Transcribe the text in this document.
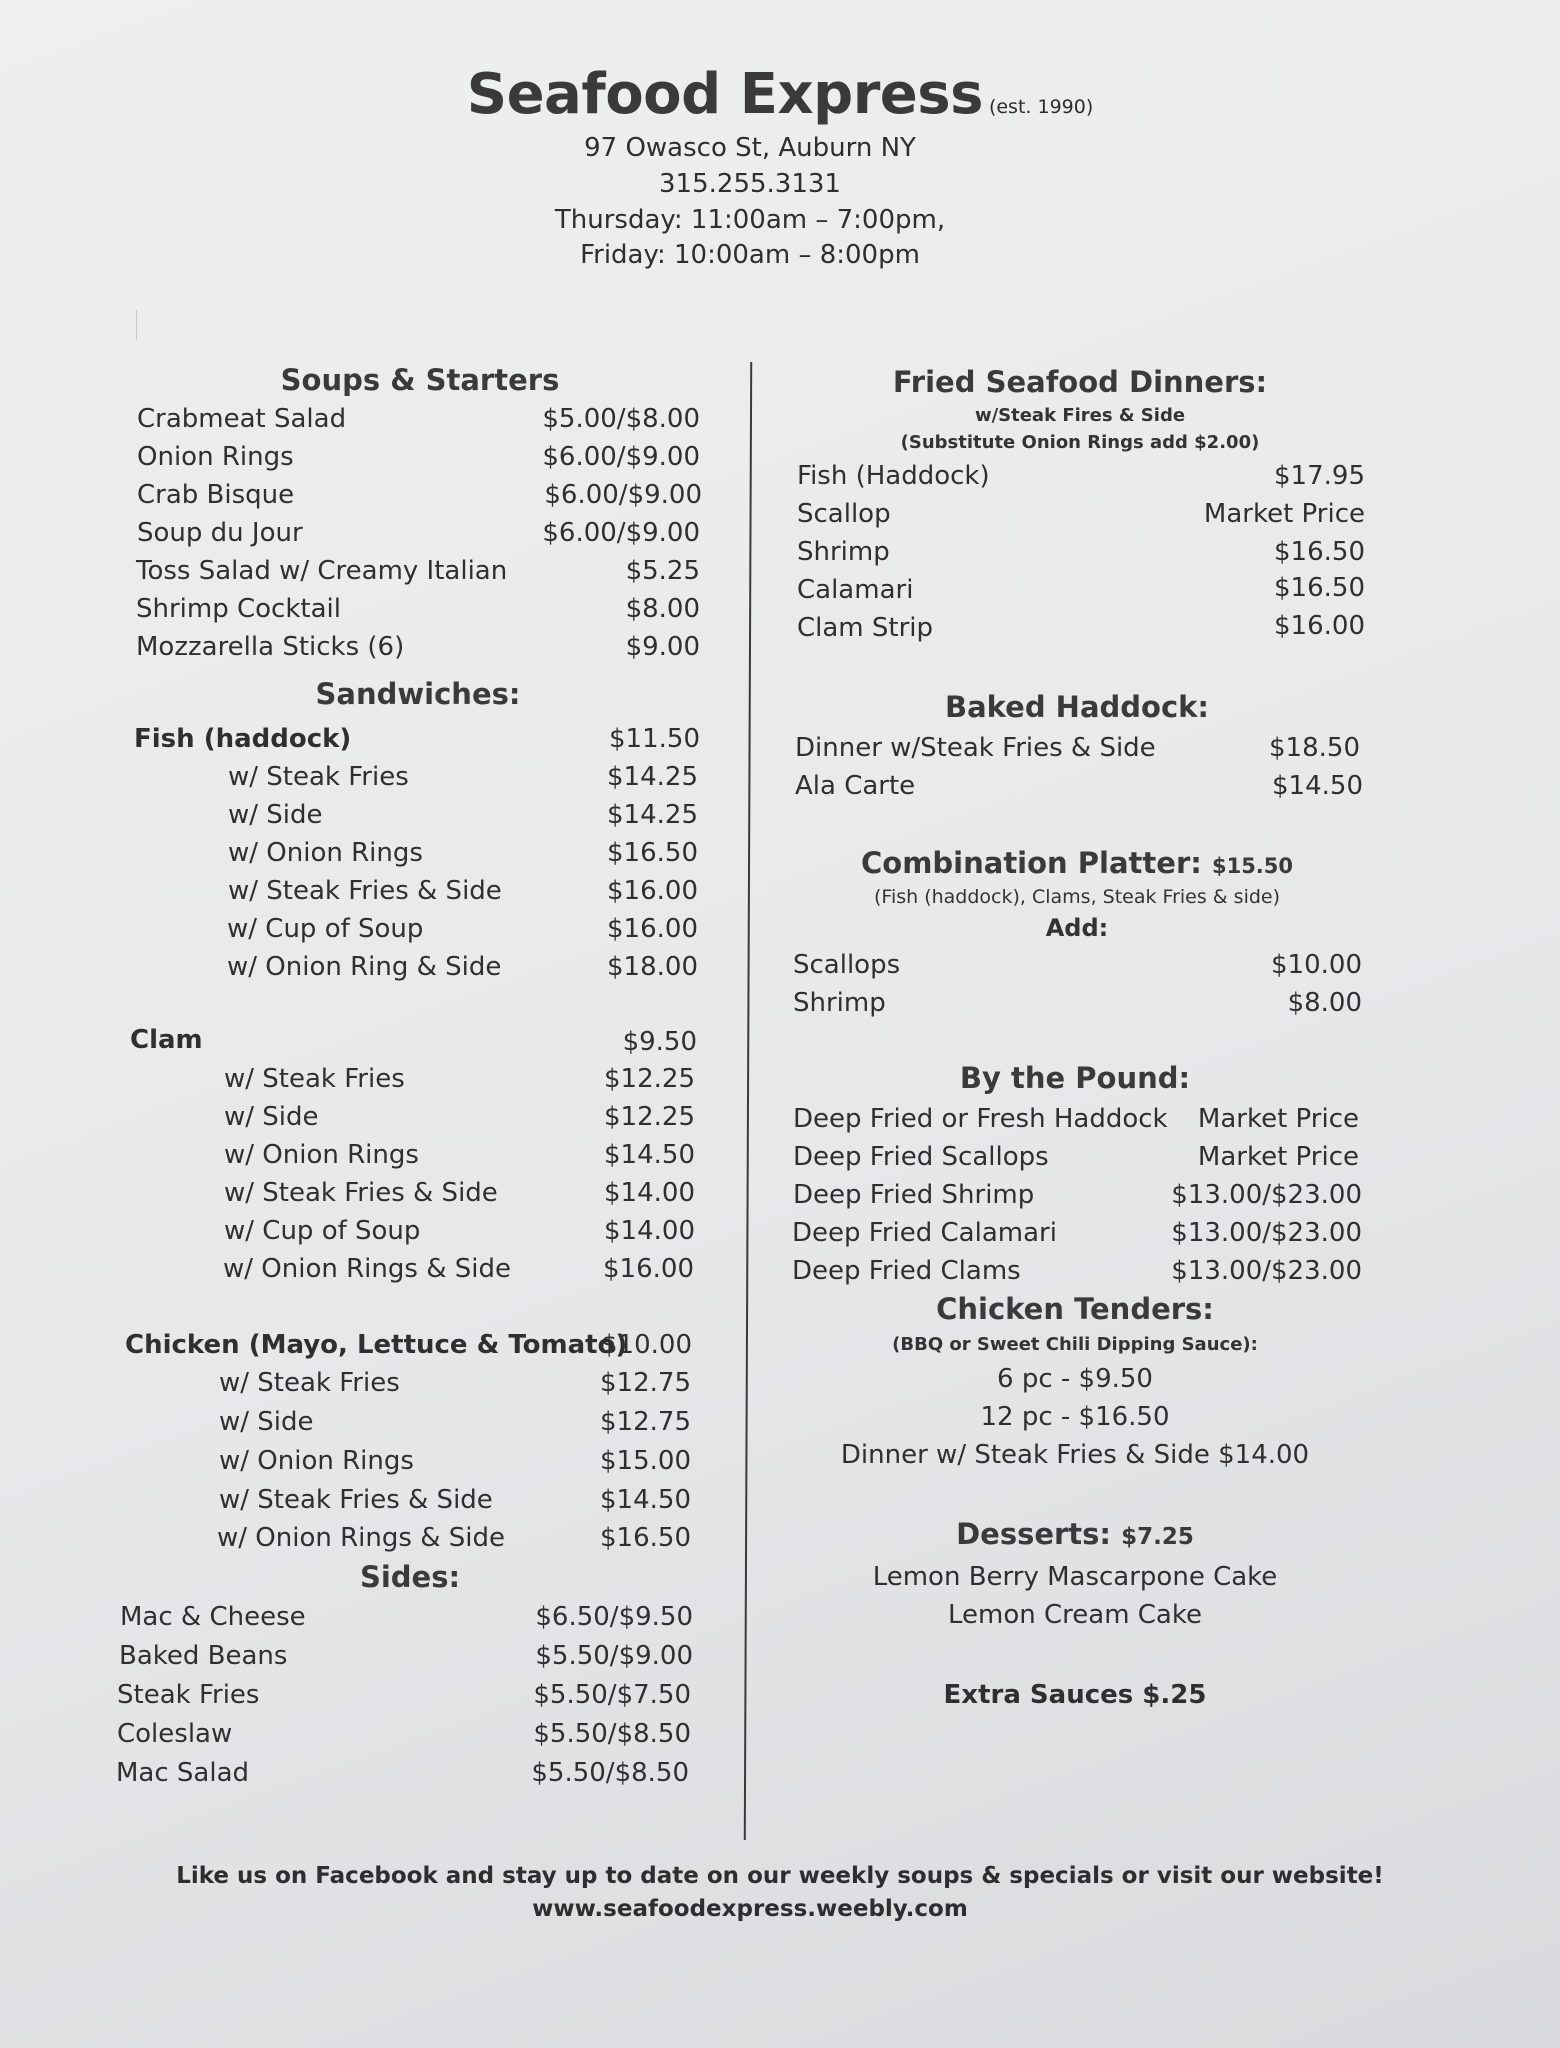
Seafood Express (est. 1990)
97 Owasco St, Auburn NY
315.255.3131
Thursday: 11:00am – 7:00pm,
Friday: 10:00am – 8:00pm
Soups & Starters
Crabmeat Salad	$5.00/$8.00
Onion Rings	$6.00/$9.00
Crab Bisque	$6.00/$9.00
Soup du Jour	$6.00/$9.00
Toss Salad w/ Creamy Italian	$5.25
Shrimp Cocktail	$8.00
Mozzarella Sticks (6)	$9.00
Sandwiches:
Fish (haddock)	$11.50
w/ Steak Fries	$14.25
w/ Side	$14.25
w/ Onion Rings	$16.50
w/ Steak Fries & Side	$16.00
w/ Cup of Soup	$16.00
w/ Onion Ring & Side	$18.00
Clam	$9.50
w/ Steak Fries	$12.25
w/ Side	$12.25
w/ Onion Rings	$14.50
w/ Steak Fries & Side	$14.00
w/ Cup of Soup	$14.00
w/ Onion Rings & Side	$16.00
Chicken (Mayo, Lettuce & Tomato)
$10.00
w/ Steak Fries	$12.75
w/ Side	$12.75
w/ Onion Rings	$15.00
w/ Steak Fries & Side	$14.50
w/ Onion Rings & Side	$16.50
Sides:
Mac & Cheese	$6.50/$9.50
Baked Beans	$5.50/$9.00
Steak Fries	$5.50/$7.50
Coleslaw	$5.50/$8.50
Mac Salad	$5.50/$8.50
Fried Seafood Dinners:
w/Steak Fires & Side
(Substitute Onion Rings add $2.00)
Fish (Haddock)	$17.95
Scallop	Market Price
Shrimp	$16.50
Calamari	$16.50
Clam Strip	$16.00
Baked Haddock:
Dinner w/Steak Fries & Side	$18.50
Ala Carte	$14.50
Combination Platter: $15.50
(Fish (haddock), Clams, Steak Fries & side)
Add:
Scallops	$10.00
Shrimp	$8.00
By the Pound:
Deep Fried or Fresh Haddock Market Price
Deep Fried Scallops	Market Price
Deep Fried Shrimp	$13.00/$23.00
Deep Fried Calamari	$13.00/$23.00
Deep Fried Clams	$13.00/$23.00
Chicken Tenders:
(BBQ or Sweet Chili Dipping Sauce):
6 pc - $9.50
12 pc - $16.50
Dinner w/ Steak Fries & Side $14.00
Desserts: $7.25
Lemon Berry Mascarpone Cake
Lemon Cream Cake
Extra Sauces $.25
Like us on Facebook and stay up to date on our weekly soups & specials or visit our website!
www.seafoodexpress.weebly.com
